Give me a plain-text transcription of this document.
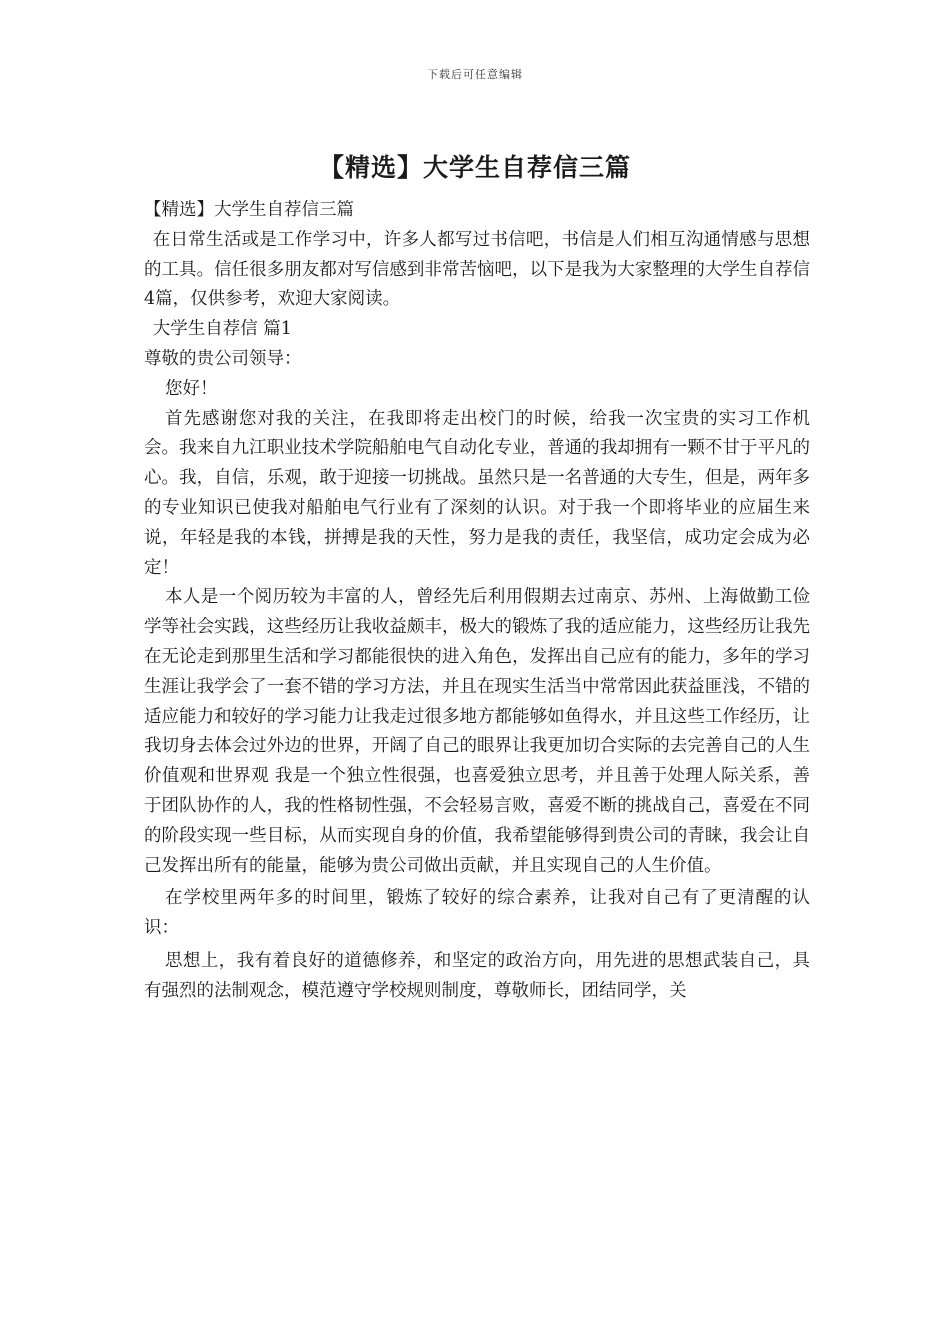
下载后可任意编辑
【精选】大学生自荐信三篇

【精选】大学生自荐信三篇

在日常生活或是工作学习中，许多人都写过书信吧，书信是人们相互沟通情感与思想的工具。信任很多朋友都对写信感到非常苦恼吧，以下是我为大家整理的大学生自荐信4篇，仅供参考，欢迎大家阅读。

大学生自荐信 篇1

尊敬的贵公司领导：

您好！

首先感谢您对我的关注，在我即将走出校门的时候，给我一次宝贵的实习工作机会。我来自九江职业技术学院船舶电气自动化专业，普通的我却拥有一颗不甘于平凡的心。我，自信，乐观，敢于迎接一切挑战。虽然只是一名普通的大专生，但是，两年多的专业知识已使我对船舶电气行业有了深刻的认识。对于我一个即将毕业的应届生来说，年轻是我的本钱，拼搏是我的天性，努力是我的责任，我坚信，成功定会成为必定！

本人是一个阅历较为丰富的人，曾经先后利用假期去过南京、苏州、上海做勤工俭学等社会实践，这些经历让我收益颇丰，极大的锻炼了我的适应能力，这些经历让我先在无论走到那里生活和学习都能很快的进入角色，发挥出自己应有的能力，多年的学习生涯让我学会了一套不错的学习方法，并且在现实生活当中常常因此获益匪浅，不错的适应能力和较好的学习能力让我走过很多地方都能够如鱼得水，并且这些工作经历，让我切身去体会过外边的世界，开阔了自己的眼界让我更加切合实际的去完善自己的人生价值观和世界观 我是一个独立性很强，也喜爱独立思考，并且善于处理人际关系，善于团队协作的人，我的性格韧性强，不会轻易言败，喜爱不断的挑战自己，喜爱在不同的阶段实现一些目标，从而实现自身的价值，我希望能够得到贵公司的青睐，我会让自己发挥出所有的能量，能够为贵公司做出贡献，并且实现自己的人生价值。

在学校里两年多的时间里，锻炼了较好的综合素养，让我对自己有了更清醒的认识：

思想上，我有着良好的道德修养，和坚定的政治方向，用先进的思想武装自己，具有强烈的法制观念，模范遵守学校规则制度，尊敬师长，团结同学，关
